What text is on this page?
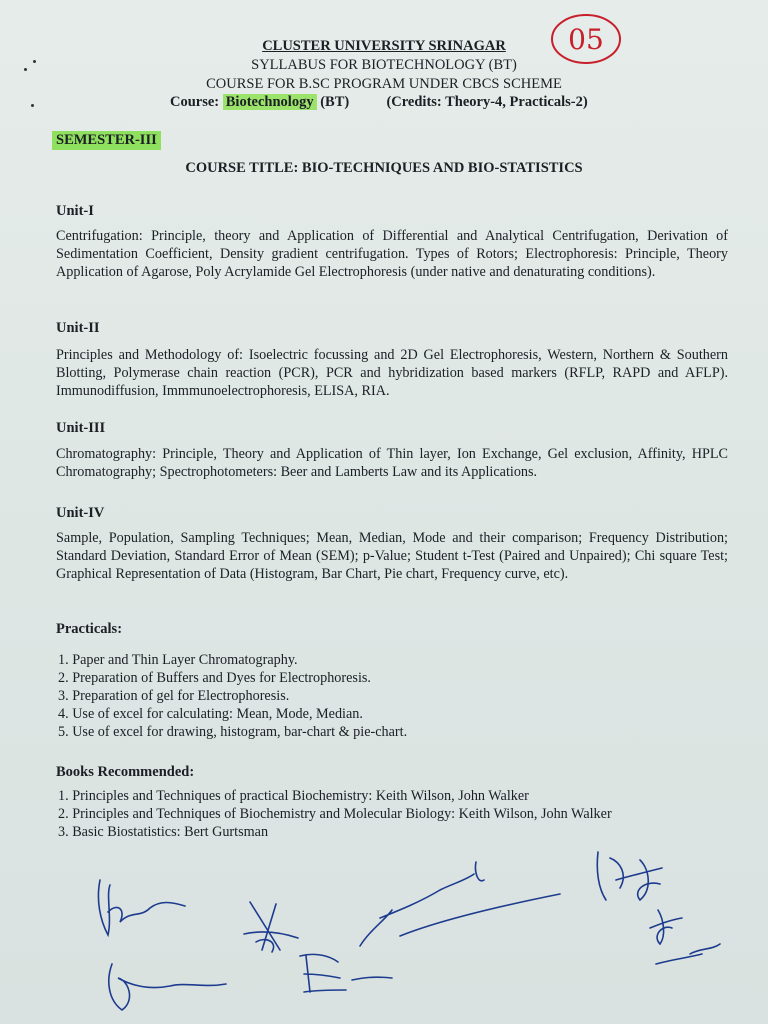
05
CLUSTER UNIVERSITY SRINAGAR
SYLLABUS FOR BIOTECHNOLOGY (BT)
COURSE FOR B.SC PROGRAM UNDER CBCS SCHEME
Course: Biotechnology (BT)	(Credits: Theory-4, Practicals-2)
SEMESTER-III
COURSE TITLE: BIO-TECHNIQUES AND BIO-STATISTICS
Unit-I
Centrifugation: Principle, theory and Application of Differential and Analytical Centrifugation, Derivation of Sedimentation Coefficient, Density gradient centrifugation. Types of Rotors; Electrophoresis: Principle, Theory Application of Agarose, Poly Acrylamide Gel Electrophoresis (under native and denaturating conditions).
Unit-II
Principles and Methodology of: Isoelectric focussing and 2D Gel Electrophoresis, Western, Northern & Southern Blotting, Polymerase chain reaction (PCR), PCR and hybridization based markers (RFLP, RAPD and AFLP). Immunodiffusion, Immmunoelectrophoresis, ELISA, RIA.
Unit-III
Chromatography: Principle, Theory and Application of Thin layer, Ion Exchange, Gel exclusion, Affinity, HPLC Chromatography; Spectrophotometers: Beer and Lamberts Law and its Applications.
Unit-IV
Sample, Population, Sampling Techniques; Mean, Median, Mode and their comparison; Frequency Distribution; Standard Deviation, Standard Error of Mean (SEM); p-Value; Student t-Test (Paired and Unpaired); Chi square Test; Graphical Representation of Data (Histogram, Bar Chart, Pie chart, Frequency curve, etc).
Practicals:
1. Paper and Thin Layer Chromatography.
2. Preparation of Buffers and Dyes for Electrophoresis.
3. Preparation of gel for Electrophoresis.
4. Use of excel for calculating: Mean, Mode, Median.
5. Use of excel for drawing, histogram, bar-chart & pie-chart.
Books Recommended:
1. Principles and Techniques of practical Biochemistry: Keith Wilson, John Walker
2. Principles and Techniques of Biochemistry and Molecular Biology: Keith Wilson, John Walker
3. Basic Biostatistics: Bert Gurtsman
